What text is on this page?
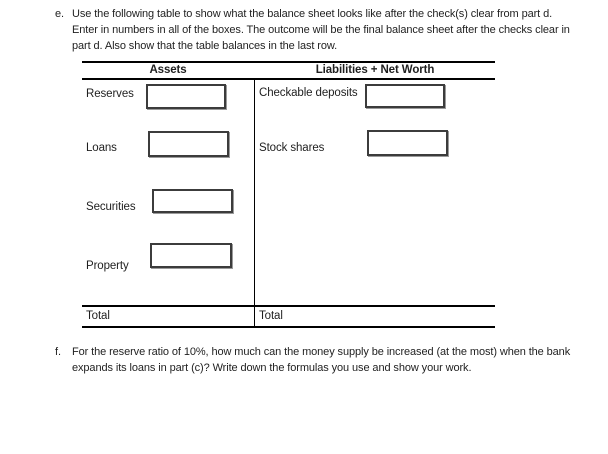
e. Use the following table to show what the balance sheet looks like after the check(s) clear from part d.
Enter in numbers in all of the boxes. The outcome will be the final balance sheet after the checks clear in
part d. Also show that the table balances in the last row.
Assets	Liabilities + Net Worth
Reserves
Loans
Securities
Property
Checkable deposits
Stock shares
Total	Total
f. For the reserve ratio of 10%, how much can the money supply be increased (at the most) when the bank
expands its loans in part (c)? Write down the formulas you use and show your work.
